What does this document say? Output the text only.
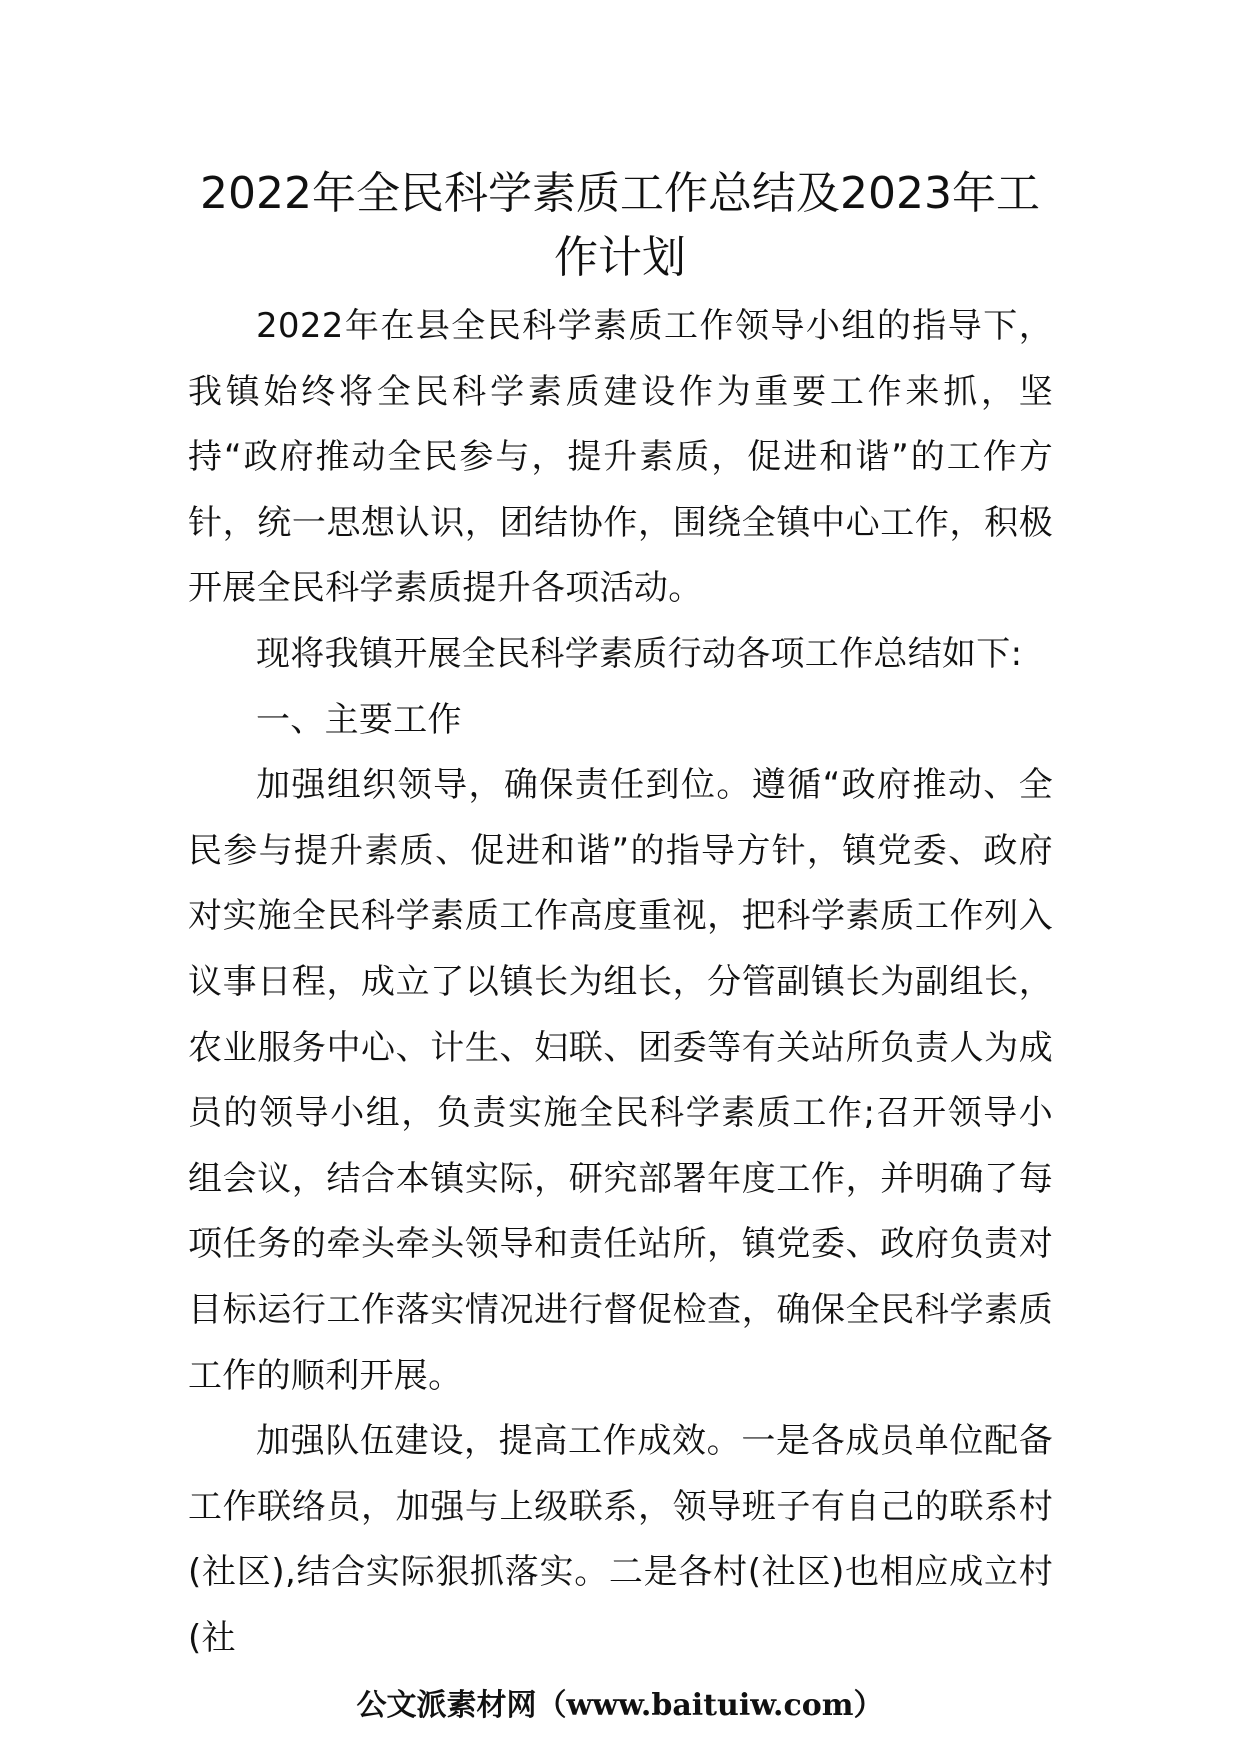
2022年全民科学素质工作总结及2023年工作计划

2022年在县全民科学素质工作领导小组的指导下，我镇始终将全民科学素质建设作为重要工作来抓，坚持“政府推动全民参与，提升素质，促进和谐”的工作方针，统一思想认识，团结协作，围绕全镇中心工作，积极开展全民科学素质提升各项活动。

现将我镇开展全民科学素质行动各项工作总结如下:

一、主要工作

加强组织领导，确保责任到位。遵循“政府推动、全民参与提升素质、促进和谐”的指导方针，镇党委、政府对实施全民科学素质工作高度重视，把科学素质工作列入议事日程，成立了以镇长为组长，分管副镇长为副组长，农业服务中心、计生、妇联、团委等有关站所负责人为成员的领导小组，负责实施全民科学素质工作;召开领导小组会议，结合本镇实际，研究部署年度工作，并明确了每项任务的牵头牵头领导和责任站所，镇党委、政府负责对目标运行工作落实情况进行督促检查，确保全民科学素质工作的顺利开展。

加强队伍建设，提高工作成效。一是各成员单位配备工作联络员，加强与上级联系，领导班子有自己的联系村(社区),结合实际狠抓落实。二是各村(社区)也相应成立村(社

公文派素材网（www.baituiw.com）
